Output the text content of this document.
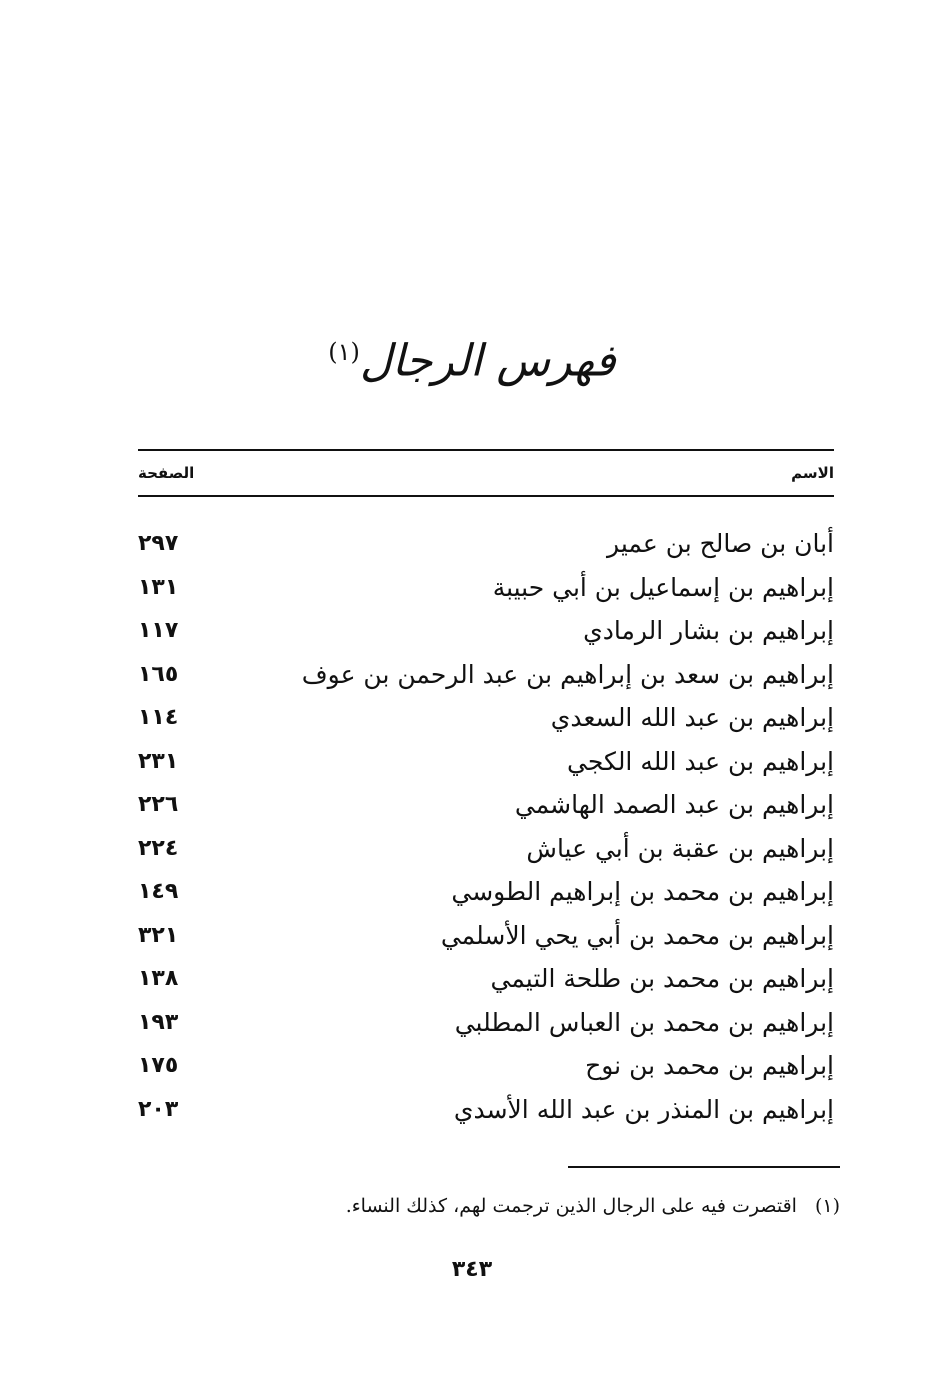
فهرس الرجال$^{(١)}$
الاسم
الصفحة
أبان بن صالح بن عمير
٢٩٧
إبراهيم بن إسماعيل بن أبي حبيبة
١٣١
إبراهيم بن بشار الرمادي
١١٧
إبراهيم بن سعد بن إبراهيم بن عبد الرحمن بن عوف
١٦٥
إبراهيم بن عبد الله السعدي
١١٤
إبراهيم بن عبد الله الكجي
٢٣١
إبراهيم بن عبد الصمد الهاشمي
٢٢٦
إبراهيم بن عقبة بن أبي عياش
٢٢٤
إبراهيم بن محمد بن إبراهيم الطوسي
١٤٩
إبراهيم بن محمد بن أبي يحي الأسلمي
٣٢١
إبراهيم بن محمد بن طلحة التيمي
١٣٨
إبراهيم بن محمد بن العباس المطلبي
١٩٣
إبراهيم بن محمد بن نوح
١٧٥
إبراهيم بن المنذر بن عبد الله الأسدي
٢٠٣
(١)اقتصرت فيه على الرجال الذين ترجمت لهم، كذلك النساء.
٣٤٣
